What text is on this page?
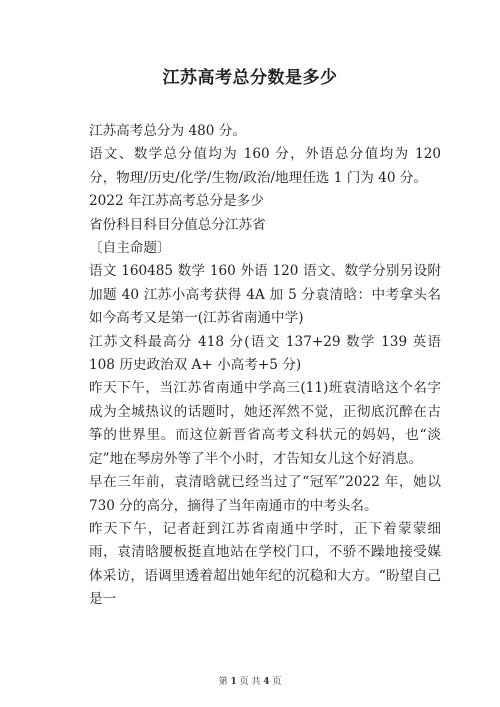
江苏高考总分数是多少

江苏高考总分为 480 分。

语文、数学总分值均为 160 分，外语总分值均为 120 分，物理/历史/化学/生物/政治/地理任选 1 门为 40 分。

2022 年江苏高考总分是多少

省份科目科目分值总分江苏省

〔自主命题〕

语文 160485 数学 160 外语 120 语文、数学分别另设附加题 40 江苏小高考获得 4A 加 5 分袁清晗：中考拿头名 如今高考又是第一(江苏省南通中学)

江苏文科最高分 418 分(语文 137+29 数学 139 英语 108 历史政治双 A+ 小高考+5 分)

昨天下午，当江苏省南通中学高三(11)班袁清晗这个名字成为全城热议的话题时，她还浑然不觉，正彻底沉醉在古筝的世界里。而这位新晋省高考文科状元的妈妈，也“淡定”地在琴房外等了半个小时，才告知女儿这个好消息。

早在三年前，袁清晗就已经当过了“冠军”2022 年，她以 730 分的高分，摘得了当年南通市的中考头名。

昨天下午，记者赶到江苏省南通中学时，正下着蒙蒙细雨，袁清晗腰板挺直地站在学校门口，不骄不躁地接受媒体采访，语调里透着超出她年纪的沉稳和大方。“盼望自己是一

第 1 页 共 4 页
